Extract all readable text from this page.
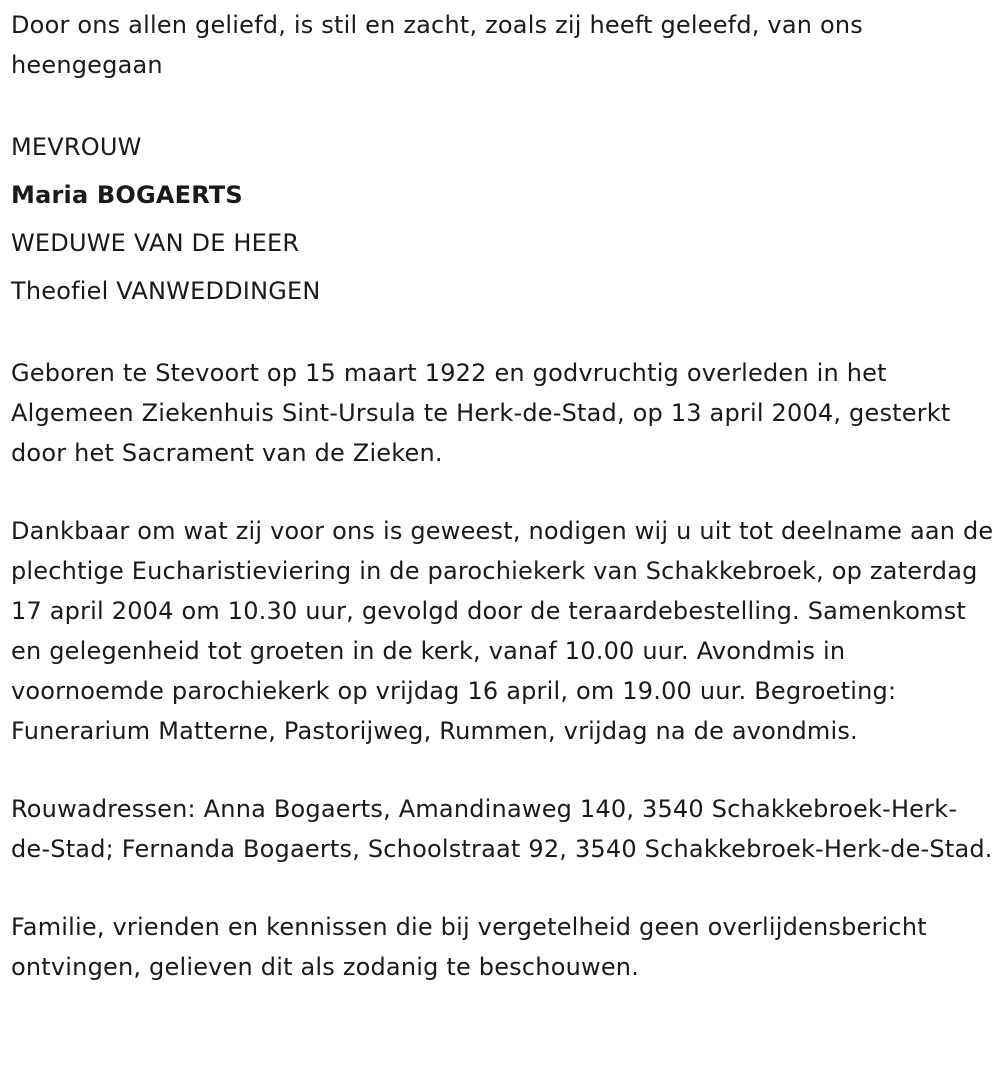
Door ons allen geliefd, is stil en zacht, zoals zij heeft geleefd, van ons heengegaan

MEVROUW

Maria BOGAERTS

WEDUWE VAN DE HEER

Theofiel VANWEDDINGEN

Geboren te Stevoort op 15 maart 1922 en godvruchtig overleden in het Algemeen Ziekenhuis Sint-Ursula te Herk-de-Stad, op 13 april 2004, gesterkt door het Sacrament van de Zieken.

Dankbaar om wat zij voor ons is geweest, nodigen wij u uit tot deelname aan de plechtige Eucharistieviering in de parochiekerk van Schakkebroek, op zaterdag 17 april 2004 om 10.30 uur, gevolgd door de teraardebestelling. Samenkomst en gelegenheid tot groeten in de kerk, vanaf 10.00 uur. Avondmis in voornoemde parochiekerk op vrijdag 16 april, om 19.00 uur. Begroeting: Funerarium Matterne, Pastorijweg, Rummen, vrijdag na de avondmis.

Rouwadressen: Anna Bogaerts, Amandinaweg 140, 3540 Schakkebroek-Herk-de-Stad; Fernanda Bogaerts, Schoolstraat 92, 3540 Schakkebroek-Herk-de-Stad.

Familie, vrienden en kennissen die bij vergetelheid geen overlijdensbericht ontvingen, gelieven dit als zodanig te beschouwen.
